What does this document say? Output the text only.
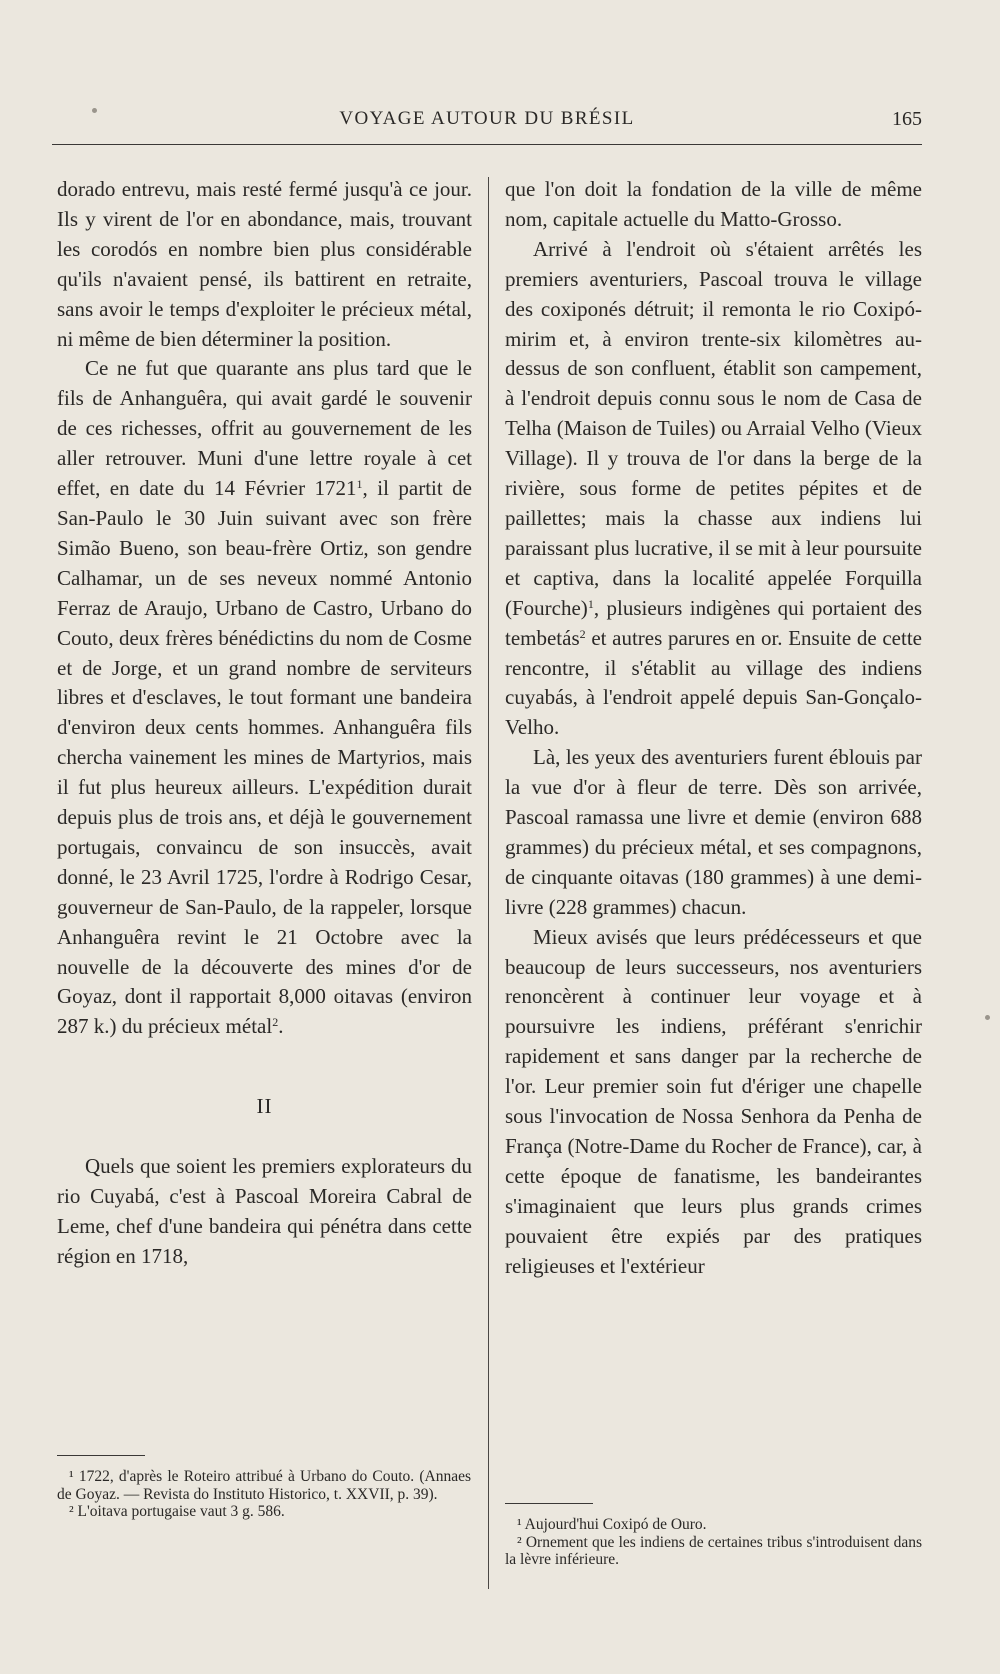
VOYAGE AUTOUR DU BRÉSIL	165

dorado entrevu, mais resté fermé jusqu'à ce jour. Ils y virent de l'or en abondance, mais, trouvant les corodós en nombre bien plus considérable qu'ils n'avaient pensé, ils battirent en retraite, sans avoir le temps d'exploiter le précieux métal, ni même de bien déterminer la position.

Ce ne fut que quarante ans plus tard que le fils de Anhanguêra, qui avait gardé le souvenir de ces richesses, offrit au gouvernement de les aller retrouver. Muni d'une lettre royale à cet effet, en date du 14 Février 1721$^1$, il partit de San-Paulo le 30 Juin suivant avec son frère Simão Bueno, son beau-frère Ortiz, son gendre Calhamar, un de ses neveux nommé Antonio Ferraz de Araujo, Urbano de Castro, Urbano do Couto, deux frères bénédictins du nom de Cosme et de Jorge, et un grand nombre de serviteurs libres et d'esclaves, le tout formant une bandeira d'environ deux cents hommes. Anhanguêra fils chercha vainement les mines de Martyrios, mais il fut plus heureux ailleurs. L'expédition durait depuis plus de trois ans, et déjà le gouvernement portugais, convaincu de son insuccès, avait donné, le 23 Avril 1725, l'ordre à Rodrigo Cesar, gouverneur de San-Paulo, de la rappeler, lorsque Anhanguêra revint le 21 Octobre avec la nouvelle de la découverte des mines d'or de Goyaz, dont il rapportait 8,000 oitavas (environ 287 k.) du précieux métal$^2$.

II

Quels que soient les premiers explorateurs du rio Cuyabá, c'est à Pascoal Moreira Cabral de Leme, chef d'une bandeira qui pénétra dans cette région en 1718,

que l'on doit la fondation de la ville de même nom, capitale actuelle du Matto-Grosso.

Arrivé à l'endroit où s'étaient arrêtés les premiers aventuriers, Pascoal trouva le village des coxiponés détruit; il remonta le rio Coxipó-mirim et, à environ trente-six kilomètres au-dessus de son confluent, établit son campement, à l'endroit depuis connu sous le nom de Casa de Telha (Maison de Tuiles) ou Arraial Velho (Vieux Village). Il y trouva de l'or dans la berge de la rivière, sous forme de petites pépites et de paillettes; mais la chasse aux indiens lui paraissant plus lucrative, il se mit à leur poursuite et captiva, dans la localité appelée Forquilla (Fourche)$^1$, plusieurs indigènes qui portaient des tembetás$^2$ et autres parures en or. Ensuite de cette rencontre, il s'établit au village des indiens cuyabás, à l'endroit appelé depuis San-Gonçalo-Velho.

Là, les yeux des aventuriers furent éblouis par la vue d'or à fleur de terre. Dès son arrivée, Pascoal ramassa une livre et demie (environ 688 grammes) du précieux métal, et ses compagnons, de cinquante oitavas (180 grammes) à une demi-livre (228 grammes) chacun.

Mieux avisés que leurs prédécesseurs et que beaucoup de leurs successeurs, nos aventuriers renoncèrent à continuer leur voyage et à poursuivre les indiens, préférant s'enrichir rapidement et sans danger par la recherche de l'or. Leur premier soin fut d'ériger une chapelle sous l'invocation de Nossa Senhora da Penha de França (Notre-Dame du Rocher de France), car, à cette époque de fanatisme, les bandeirantes s'imaginaient que leurs plus grands crimes pouvaient être expiés par des pratiques religieuses et l'extérieur

¹ 1722, d'après le Roteiro attribué à Urbano do Couto. (Annaes de Goyaz. — Revista do Instituto Historico, t. XXVII, p. 39).

² L'oitava portugaise vaut 3 g. 586.

¹ Aujourd'hui Coxipó de Ouro.

² Ornement que les indiens de certaines tribus s'introduisent dans la lèvre inférieure.
